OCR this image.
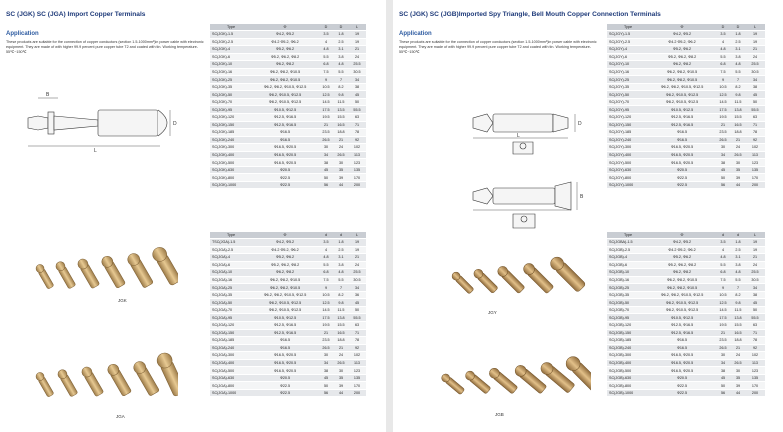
SC (JGK) SC (JGA) Import Copper Terminals
Application
These products are suitable for the connection of copper conductors (section 1.5-1000mm²)in power cable with electronic equipment. They are made of with higher 99.9 percent pure copper tube T2 and coated with tin. Working temperature-55℃~150℃
L
D
B
JGK
JGA
Type	Φ	D	D	L
SC(JGK)-1.5	Φ4.2, Φ5.2	3.5	1.8	19
SC(JGK)-2.5	Φ4.2 Φ5.2, Φ6.2	4	2.5	19
SC(JGK)-4	Φ5.2, Φ6.2	4.8	3.1	21
SC(JGK)-6	Φ5.2, Φ6.2, Φ8.2	5.5	3.8	24
SC(JGK)-10	Φ6.2, Φ8.2	6.8	4.8	25.5
SC(JGK)-16	Φ6.2, Φ8.2, Φ10.5	7.5	5.5	30.5
SC(JGK)-25	Φ6.2, Φ8.2, Φ10.5	9	7	34
SC(JGK)-35	Φ6.2, Φ8.2, Φ10.5, Φ12.5	10.5	8.2	38
SC(JGK)-50	Φ8.2, Φ10.5, Φ12.5	12.5	9.8	45
SC(JGK)-70	Φ8.2, Φ10.5, Φ12.5	14.5	11.5	50
SC(JGK)-95	Φ10.5, Φ12.5	17.5	13.5	55.5
SC(JGK)-120	Φ12.5, Φ16.5	19.5	15.5	63
SC(JGK)-150	Φ12.5, Φ16.5	21	16.5	71
SC(JGK)-185	Φ16.5	23.5	18.8	78
SC(JGK)-240	Φ16.5	26.5	21	92
SC(JGK)-300	Φ16.5, Φ20.5	30	24	102
SC(JGK)-400	Φ16.5, Φ20.5	34	26.5	113
SC(JGK)-500	Φ16.5, Φ20.5	38	30	123
SC(JGK)-630	Φ20.5	45	35	135
SC(JGK)-800	Φ22.5	50	39	170
SC(JGK)-1000	Φ22.5	56	44	200
Type	Φ	d	d	L
TSC(JGA)-1.5	Φ4.2, Φ5.2	3.5	1.8	19
SC(JGA)-2.5	Φ4.2 Φ5.2, Φ6.2	4	2.5	19
SC(JGA)-4	Φ5.2, Φ6.2	4.8	3.1	21
SC(JGA)-6	Φ5.2, Φ6.2, Φ8.2	5.5	3.8	24
SC(JGA)-10	Φ6.2, Φ8.2	6.8	4.8	25.5
SC(JGA)-16	Φ6.2, Φ8.2, Φ10.5	7.5	5.5	30.5
SC(JGA)-25	Φ6.2, Φ8.2, Φ10.5	9	7	34
SC(JGA)-35	Φ6.2, Φ8.2, Φ10.5, Φ12.5	10.5	8.2	36
SC(JGA)-50	Φ8.2, Φ10.5, Φ12.5	12.5	9.8	45
SC(JGA)-70	Φ8.2, Φ10.5, Φ12.5	14.5	11.5	50
SC(JGA)-95	Φ10.5, Φ12.5	17.5	13.8	55.5
SC(JGA)-120	Φ12.5, Φ16.5	19.5	15.5	63
SC(JGA)-150	Φ12.5, Φ16.5	21	16.5	71
SC(JGA)-185	Φ16.5	23.5	18.8	78
SC(JGA)-240	Φ16.5	26.5	21	92
SC(JGA)-300	Φ16.5, Φ20.5	30	24	102
SC(JGA)-400	Φ16.5, Φ20.5	34	26.5	113
SC(JGA)-500	Φ16.5, Φ20.5	38	30	123
SC(JGA)-630	Φ20.5	45	35	135
SC(JGA)-800	Φ22.5	50	39	170
SC(JGA)-1000	Φ22.5	56	44	200
SC (JGK) SC (JGB)Imported Spy Triangle, Bell Mouth Copper Connection Terminals
Application
These products are suitable for the connection of copper conductors (section 1.5-1000mm²)in power cable with electronic equipment. They are made of with higher 99.9 percent pure copper tube T2 and coated with tin. Working temperature-55℃~150℃
L
D
B
JGY
JGB
Type	Φ	D	D	L
SC(JGY)-1.5	Φ4.2, Φ5.2	3.5	1.8	19
SC(JGY)-2.5	Φ4.2 Φ5.2, Φ6.2	4	2.5	19
SC(JGY)-4	Φ5.2, Φ6.2	4.8	3.1	21
SC(JGY)-6	Φ5.2, Φ6.2, Φ8.2	5.5	3.8	24
SC(JGY)-10	Φ6.2, Φ8.2	6.8	4.8	25.5
SC(JGY)-16	Φ6.2, Φ8.2, Φ10.5	7.5	5.5	30.5
SC(JGY)-25	Φ6.2, Φ8.2, Φ10.5	9	7	34
SC(JGY)-35	Φ6.2, Φ8.2, Φ10.5, Φ12.5	10.5	8.2	38
SC(JGY)-50	Φ8.2, Φ10.5, Φ12.5	12.5	9.8	45
SC(JGY)-70	Φ8.2, Φ10.5, Φ12.5	14.5	11.5	50
SC(JGY)-95	Φ10.5, Φ12.5	17.5	13.8	55.5
SC(JGY)-120	Φ12.5, Φ16.5	19.5	15.5	63
SC(JGY)-150	Φ12.5, Φ16.5	21	16.5	71
SC(JGY)-185	Φ16.5	23.5	18.8	78
SC(JGY)-240	Φ16.5	26.5	21	92
SC(JGY)-300	Φ16.5, Φ20.5	30	24	102
SC(JGY)-400	Φ16.5, Φ20.5	34	26.5	113
SC(JGY)-500	Φ16.5, Φ20.5	38	30	123
SC(JGY)-630	Φ20.5	45	35	135
SC(JGY)-800	Φ22.5	50	39	170
SC(JGY)-1000	Φ22.5	56	44	200
Type	Φ	d	d	L
SC(JGBA)-1.5	Φ4.2, Φ5.2	3.5	1.8	19
SC(JGB)-2.5	Φ4.2 Φ5.2, Φ6.2	4	2.5	19
SC(JGB)-4	Φ5.2, Φ6.2	4.8	3.1	21
SC(JGB)-6	Φ5.2, Φ6.2, Φ8.2	5.5	3.8	24
SC(JGB)-10	Φ6.2, Φ8.2	6.8	4.8	25.5
SC(JGB)-16	Φ6.2, Φ8.2, Φ10.5	7.5	5.5	30.5
SC(JGB)-25	Φ6.2, Φ8.2, Φ10.5	9	7	34
SC(JGB)-35	Φ6.2, Φ8.2, Φ10.5, Φ12.5	10.5	8.2	38
SC(JGB)-50	Φ8.2, Φ10.5, Φ12.5	12.5	9.8	45
SC(JGB)-70	Φ8.2, Φ10.5, Φ12.5	14.5	11.5	50
SC(JGB)-95	Φ10.5, Φ12.5	17.5	13.8	55.5
SC(JGB)-120	Φ12.5, Φ16.5	19.5	15.5	63
SC(JGB)-150	Φ12.5, Φ16.5	21	16.5	71
SC(JGB)-185	Φ16.5	23.5	18.8	78
SC(JGB)-240	Φ16.5	26.5	21	92
SC(JGB)-300	Φ16.5, Φ20.5	30	24	102
SC(JGB)-400	Φ16.5, Φ20.5	34	26.5	113
SC(JGB)-500	Φ16.5, Φ20.5	38	30	123
SC(JGB)-630	Φ20.5	45	35	135
SC(JGB)-800	Φ22.5	50	39	170
SC(JGB)-1000	Φ22.5	56	44	200
